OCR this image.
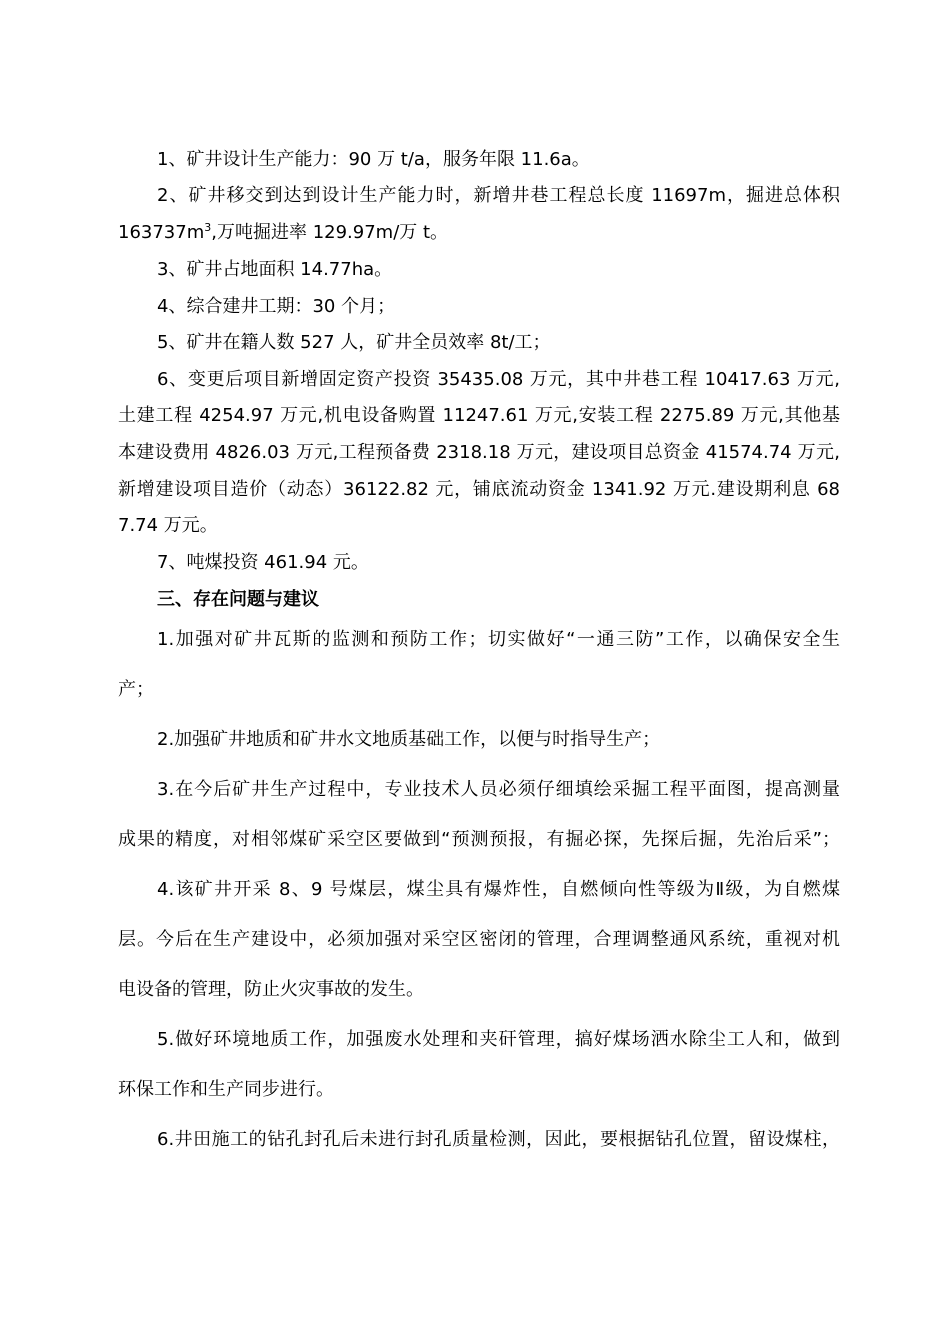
1、矿井设计生产能力：90 万 t/a，服务年限 11.6a。
2、矿井移交到达到设计生产能力时，新增井巷工程总长度 11697m，掘进总体积
$163737m^3$,万吨掘进率 129.97m/万 t。
3、矿井占地面积 14.77ha。
4、综合建井工期：30 个月；
5、矿井在籍人数 527 人，矿井全员效率 8t/工；
6、变更后项目新增固定资产投资 35435.08 万元，其中井巷工程 10417.63 万元,
土建工程 4254.97 万元,机电设备购置 11247.61 万元,安装工程 2275.89 万元,其他基
本建设费用 4826.03 万元,工程预备费 2318.18 万元，建设项目总资金 41574.74 万元,
新增建设项目造价（动态）36122.82 元，铺底流动资金 1341.92 万元.建设期利息 68
7.74 万元。
7、吨煤投资 461.94 元。
三、存在问题与建议
1.加强对矿井瓦斯的监测和预防工作；切实做好“一通三防”工作，以确保安全生
产；
2.加强矿井地质和矿井水文地质基础工作，以便与时指导生产；
3.在今后矿井生产过程中，专业技术人员必须仔细填绘采掘工程平面图，提高测量
成果的精度，对相邻煤矿采空区要做到“预测预报，有掘必探，先探后掘，先治后采”；
4.该矿井开采 8、9 号煤层，煤尘具有爆炸性，自燃倾向性等级为Ⅱ级，为自燃煤
层。今后在生产建设中，必须加强对采空区密闭的管理，合理调整通风系统，重视对机
电设备的管理，防止火灾事故的发生。
5.做好环境地质工作，加强废水处理和夹矸管理，搞好煤场洒水除尘工人和，做到
环保工作和生产同步进行。
6.井田施工的钻孔封孔后未进行封孔质量检测，因此，要根据钻孔位置，留设煤柱，
